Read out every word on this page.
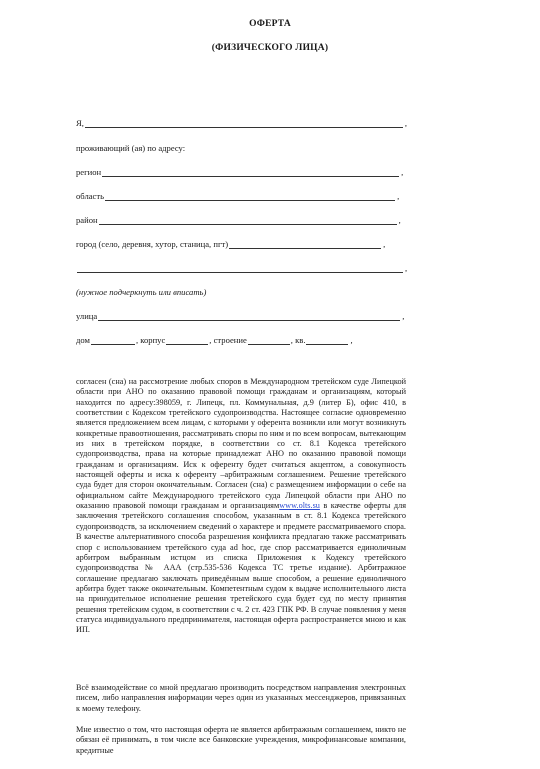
ОФЕРТА
(ФИЗИЧЕСКОГО ЛИЦА)
Я,	,
проживающий (ая) по адресу:
регион	,
область	,
район	,
город (село, деревня, хутор, станица, пгт)	,
,
(нужное подчеркнуть или вписать)
улица	,
дом	, корпус	, строение	, кв.	,

согласен (сна) на рассмотрение любых споров в Международном третейском суде Липецкой области при АНО по оказанию правовой помощи гражданам и организациям, который находится по адресу:398059, г. Липецк, пл. Коммунальная, д.9 (литер Б), офис 410, в соответствии с Кодексом третейского судопроизводства. Настоящее согласие одновременно является предложением всем лицам, с которыми у оферента возникли или могут возникнуть конкретные правоотношения, рассматривать споры по ним и по всем вопросам, вытекающим из них в третейском порядке, в соответствии со ст. 8.1 Кодекса третейского судопроизводства, права на которые принадлежат АНО по оказанию правовой помощи гражданам и организациям. Иск к оференту будет считаться акцептом, а совокупность настоящей оферты и иска к оференту –арбитражным соглашением. Решение третейского суда будет для сторон окончательным. Согласен (сна) с размещением информации о себе на официальном сайте Международного третейского суда Липецкой области при АНО по оказанию правовой помощи гражданам и организациямwww.olts.su в качестве оферты для заключения третейского соглашения способом, указанным в ст. 8.1 Кодекса третейского судопроизводств, за исключением сведений о характере и предмете рассматриваемого спора. В качестве альтернативного способа разрешения конфликта предлагаю также рассматривать спор с использованием третейского суда ad hoc, где спор рассматривается единоличным арбитром выбранным истцом из списка Приложения к Кодексу третейского судопроизводства № ААА (стр.535-536 Кодекса ТС третье издание). Арбитражное соглашение предлагаю заключать приведённым выше способом, а решение единоличного арбитра будет также окончательным. Компетентным судом к выдаче исполнительного листа на принудительное исполнение решения третейского суда будет суд по месту принятия решения третейским судом, в соответствии с ч. 2 ст. 423 ГПК РФ. В случае появления у меня статуса индивидуального предпринимателя, настоящая оферта распространяется мною и как ИП.

Всё взаимодействие со мной предлагаю производить посредством направления электронных писем, либо направления информации через один из указанных мессенджеров, привязанных к моему телефону.

Мне известно о том, что настоящая оферта не является арбитражным соглашением, никто не обязан её принимать, в том числе все банковские учреждения, микрофинансовые компании, кредитные
